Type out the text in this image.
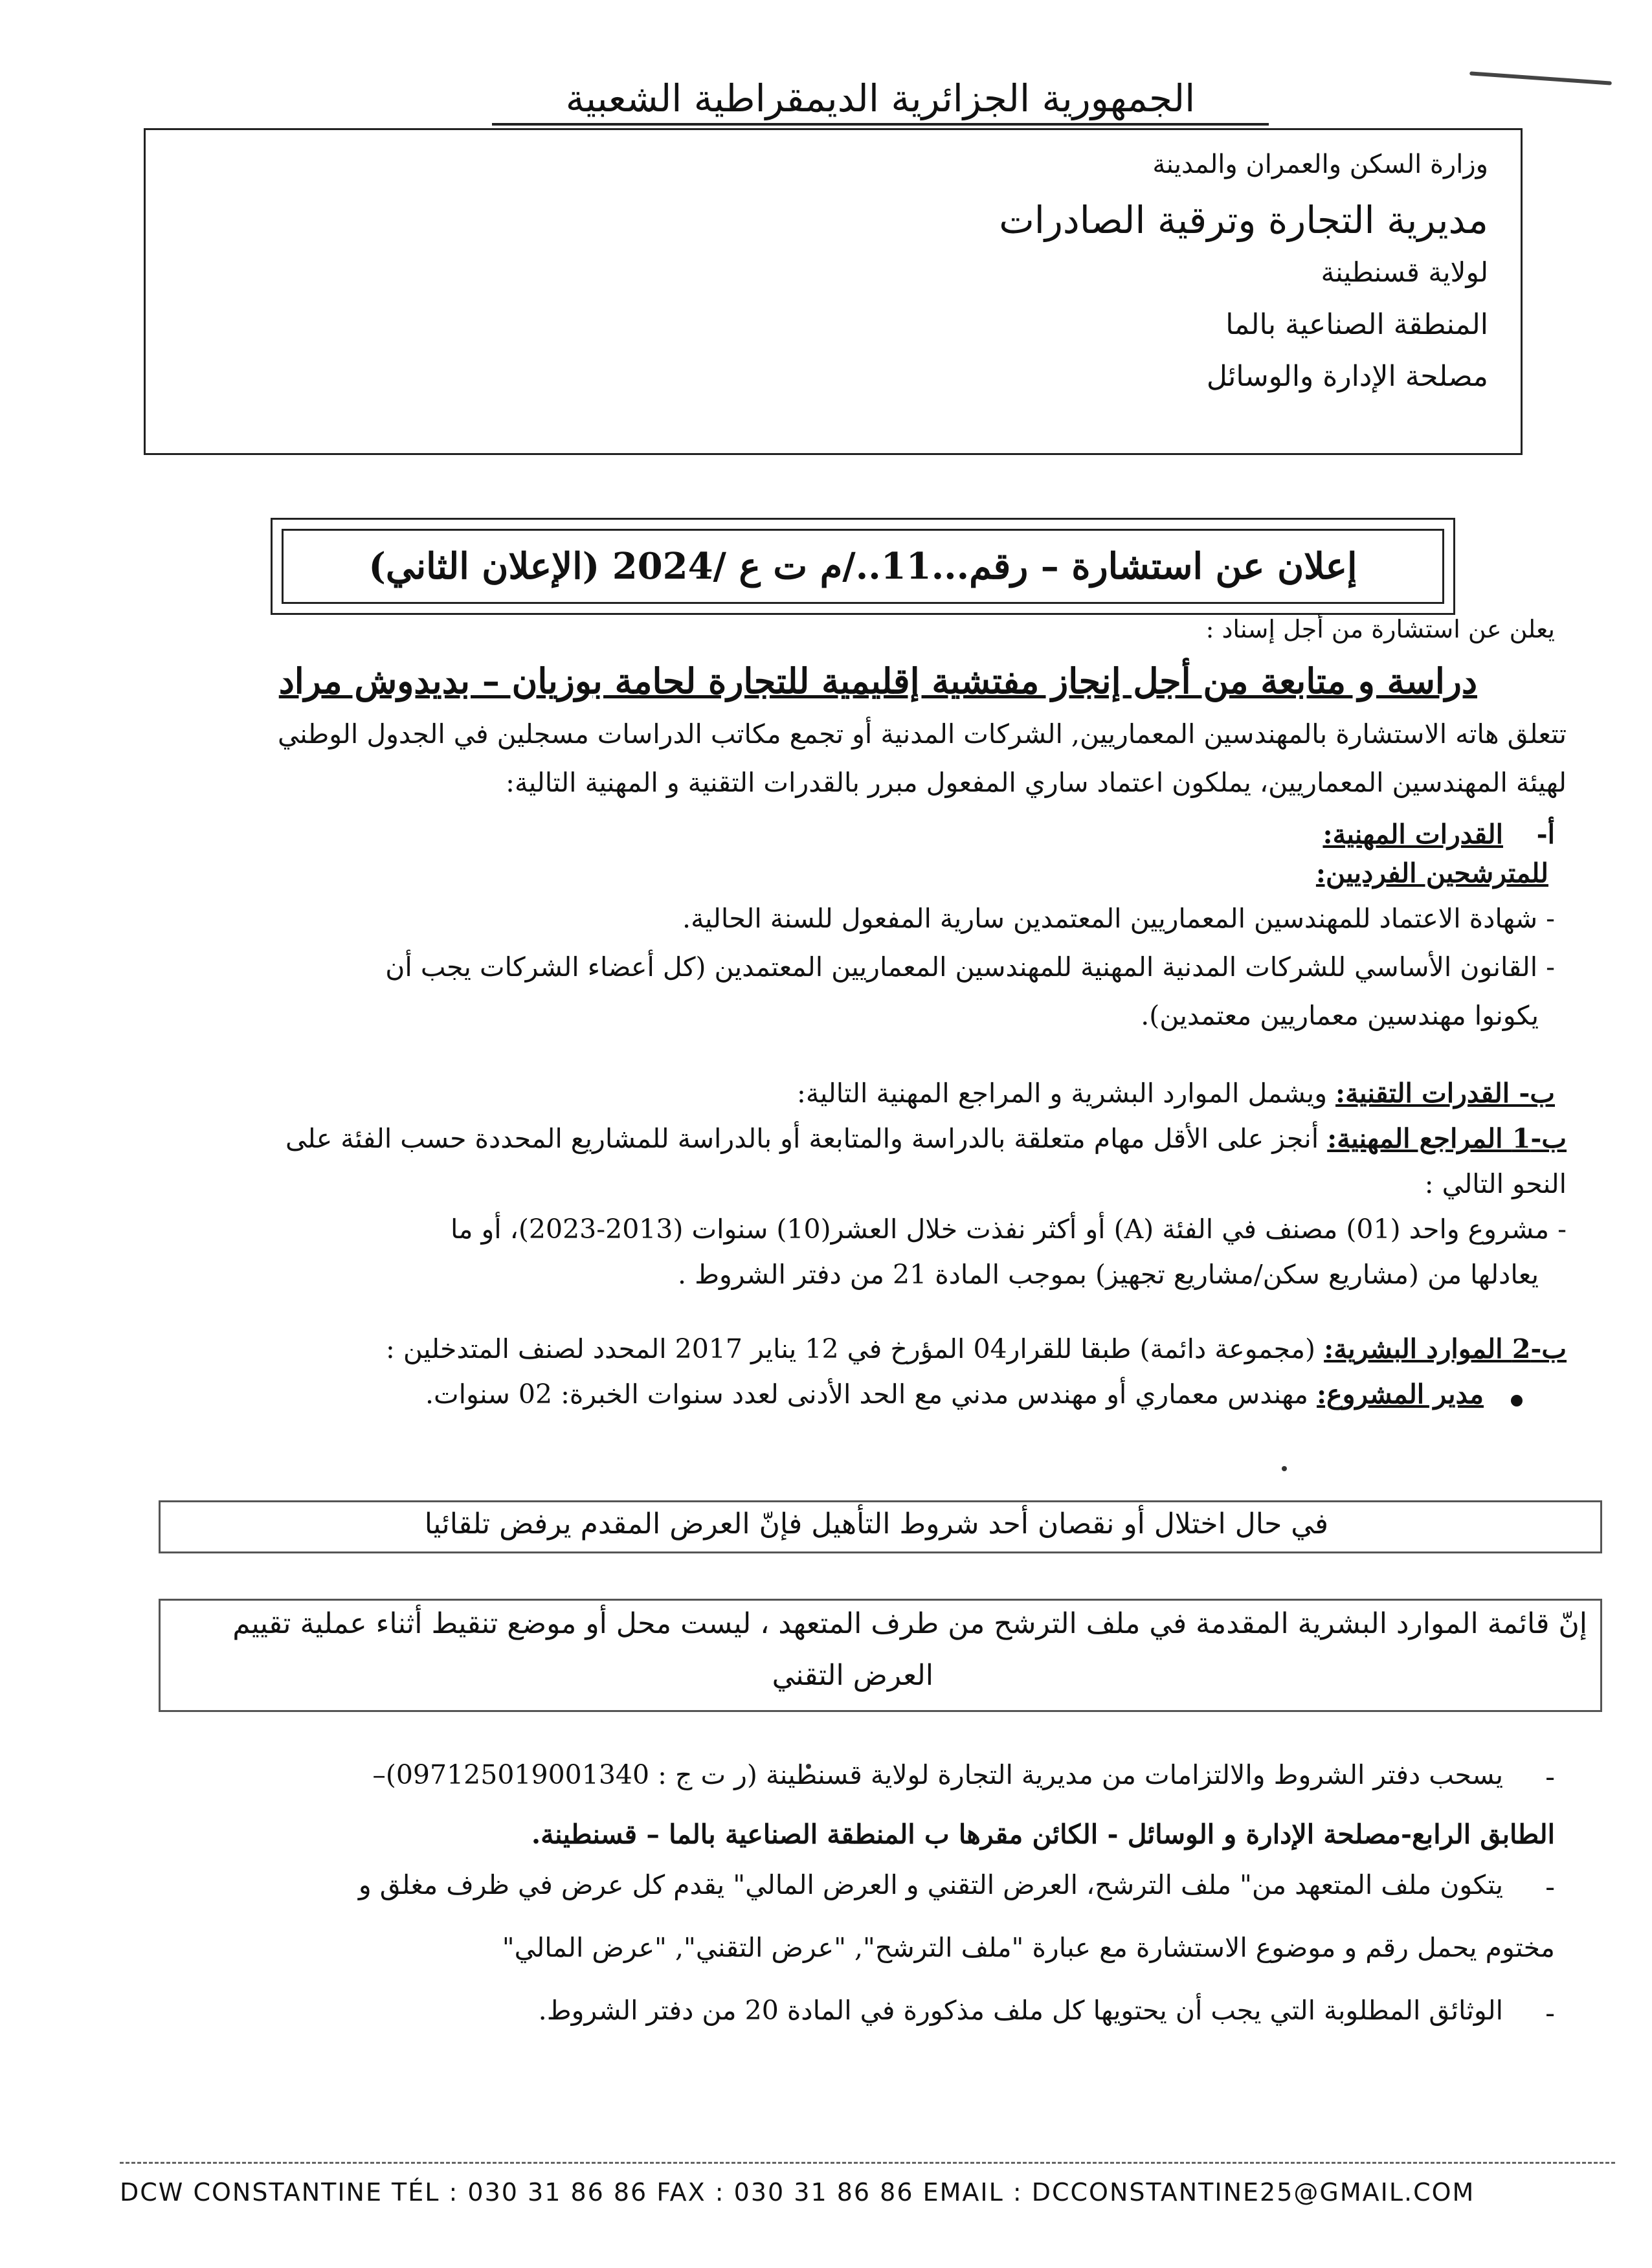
الجمهورية الجزائرية الديمقراطية الشعبية
وزارة السكن والعمران والمدينة
مديرية التجارة وترقية الصادرات
لولاية قسنطينة
المنطقة الصناعية بالما
مصلحة الإدارة والوسائل
إعلان عن استشارة – رقم...11../م ت ع /2024 (الإعلان الثاني)
يعلن عن استشارة من أجل إسناد :
دراسة و متابعة من أجل إنجاز مفتشية إقليمية للتجارة لحامة بوزيان – بديدوش مراد
تتعلق هاته الاستشارة بالمهندسين المعماريين, الشركات المدنية أو تجمع مكاتب الدراسات مسجلين في الجدول الوطني
لهيئة المهندسين المعماريين، يملكون اعتماد ساري المفعول مبرر بالقدرات التقنية و المهنية التالية:
أ-
القدرات المهنية:
للمترشحين الفرديين:
- شهادة الاعتماد للمهندسين المعماريين المعتمدين سارية المفعول للسنة الحالية.
- القانون الأساسي للشركات المدنية المهنية للمهندسين المعماريين المعتمدين (كل أعضاء الشركات يجب أن
يكونوا مهندسين معماريين معتمدين).
ب- القدرات التقنية: ويشمل الموارد البشرية و المراجع المهنية التالية:
ب-1 المراجع المهنية: أنجز على الأقل مهام متعلقة بالدراسة والمتابعة أو بالدراسة للمشاريع المحددة حسب الفئة على
النحو التالي :
- مشروع واحد (01) مصنف في الفئة (A) أو أكثر نفذت خلال العشر(10) سنوات (2013-2023)، أو ما
يعادلها من (مشاريع سكن/مشاريع تجهيز) بموجب المادة 21 من دفتر الشروط .
ب-2 الموارد البشرية: (مجموعة دائمة) طبقا للقرار04 المؤرخ في 12 يناير 2017 المحدد لصنف المتدخلين :
مدير المشروع: مهندس معماري أو مهندس مدني مع الحد الأدنى لعدد سنوات الخبرة: 02 سنوات.
في حال اختلال أو نقصان أحد شروط التأهيل فإنّ العرض المقدم يرفض تلقائيا
إنّ قائمة الموارد البشرية المقدمة في ملف الترشح من طرف المتعهد ، ليست محل أو موضع تنقيط أثناء عملية تقييم
العرض التقني
-
يسحب دفتر الشروط والالتزامات من مديرية التجارة لولاية قسنطينة (ر ت ج : 097125019001340)–
الطابق الرابع-مصلحة الإدارة و الوسائل - الكائن مقرها ب المنطقة الصناعية بالما – قسنطينة.
-
يتكون ملف المتعهد من" ملف الترشح، العرض التقني و العرض المالي" يقدم كل عرض في ظرف مغلق و
مختوم يحمل رقم و موضوع الاستشارة مع عبارة "ملف الترشح", "عرض التقني", "عرض المالي"
-
الوثائق المطلوبة التي يجب أن يحتويها كل ملف مذكورة في المادة 20 من دفتر الشروط.
DCW CONSTANTINE TÉL : 030 31 86 86 FAX : 030 31 86 86 EMAIL : DCCONSTANTINE25@GMAIL.COM
